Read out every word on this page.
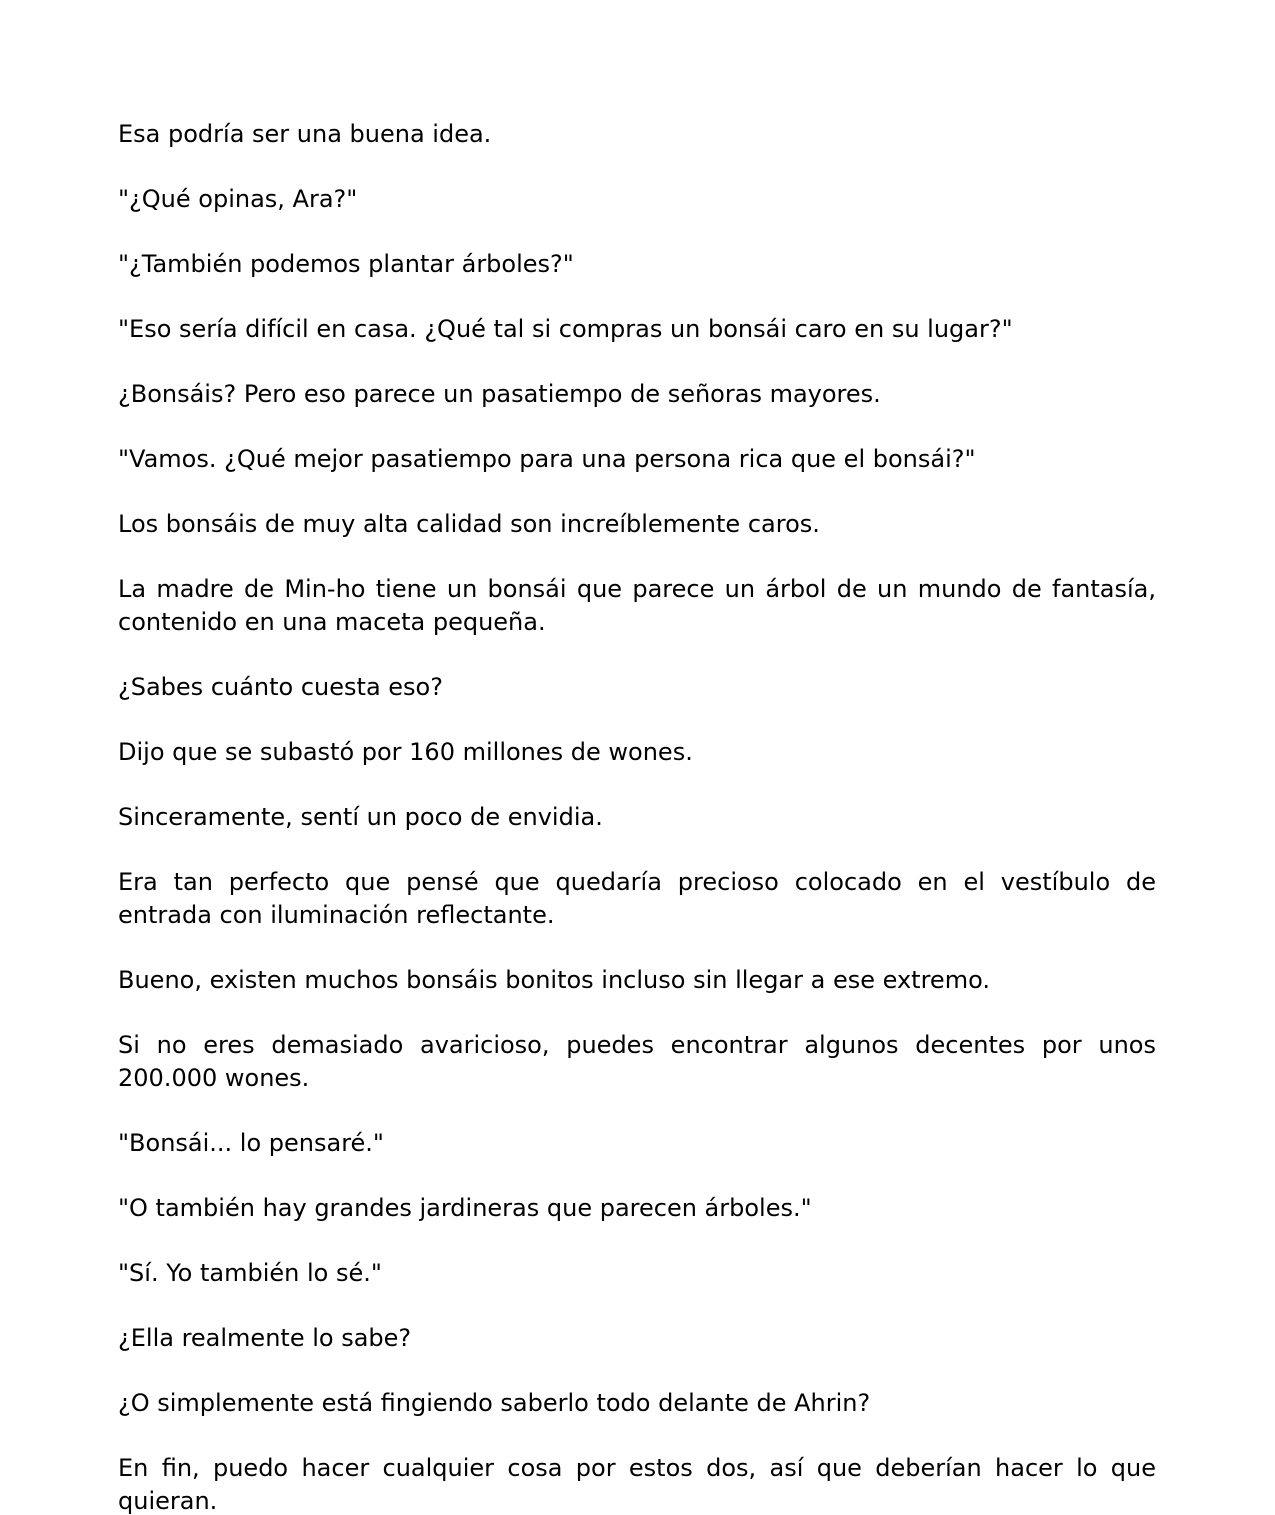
Esa podría ser una buena idea.

"¿Qué opinas, Ara?"

"¿También podemos plantar árboles?"

"Eso sería difícil en casa. ¿Qué tal si compras un bonsái caro en su lugar?"

¿Bonsáis? Pero eso parece un pasatiempo de señoras mayores.

"Vamos. ¿Qué mejor pasatiempo para una persona rica que el bonsái?"

Los bonsáis de muy alta calidad son increíblemente caros.

La madre de Min-ho tiene un bonsái que parece un árbol de un mundo de fantasía, contenido en una maceta pequeña.

¿Sabes cuánto cuesta eso?

Dijo que se subastó por 160 millones de wones.

Sinceramente, sentí un poco de envidia.

Era tan perfecto que pensé que quedaría precioso colocado en el vestíbulo de entrada con iluminación reflectante.

Bueno, existen muchos bonsáis bonitos incluso sin llegar a ese extremo.

Si no eres demasiado avaricioso, puedes encontrar algunos decentes por unos 200.000 wones.

"Bonsái... lo pensaré."

"O también hay grandes jardineras que parecen árboles."

"Sí. Yo también lo sé."

¿Ella realmente lo sabe?

¿O simplemente está fingiendo saberlo todo delante de Ahrin?

En fin, puedo hacer cualquier cosa por estos dos, así que deberían hacer lo que quieran.
